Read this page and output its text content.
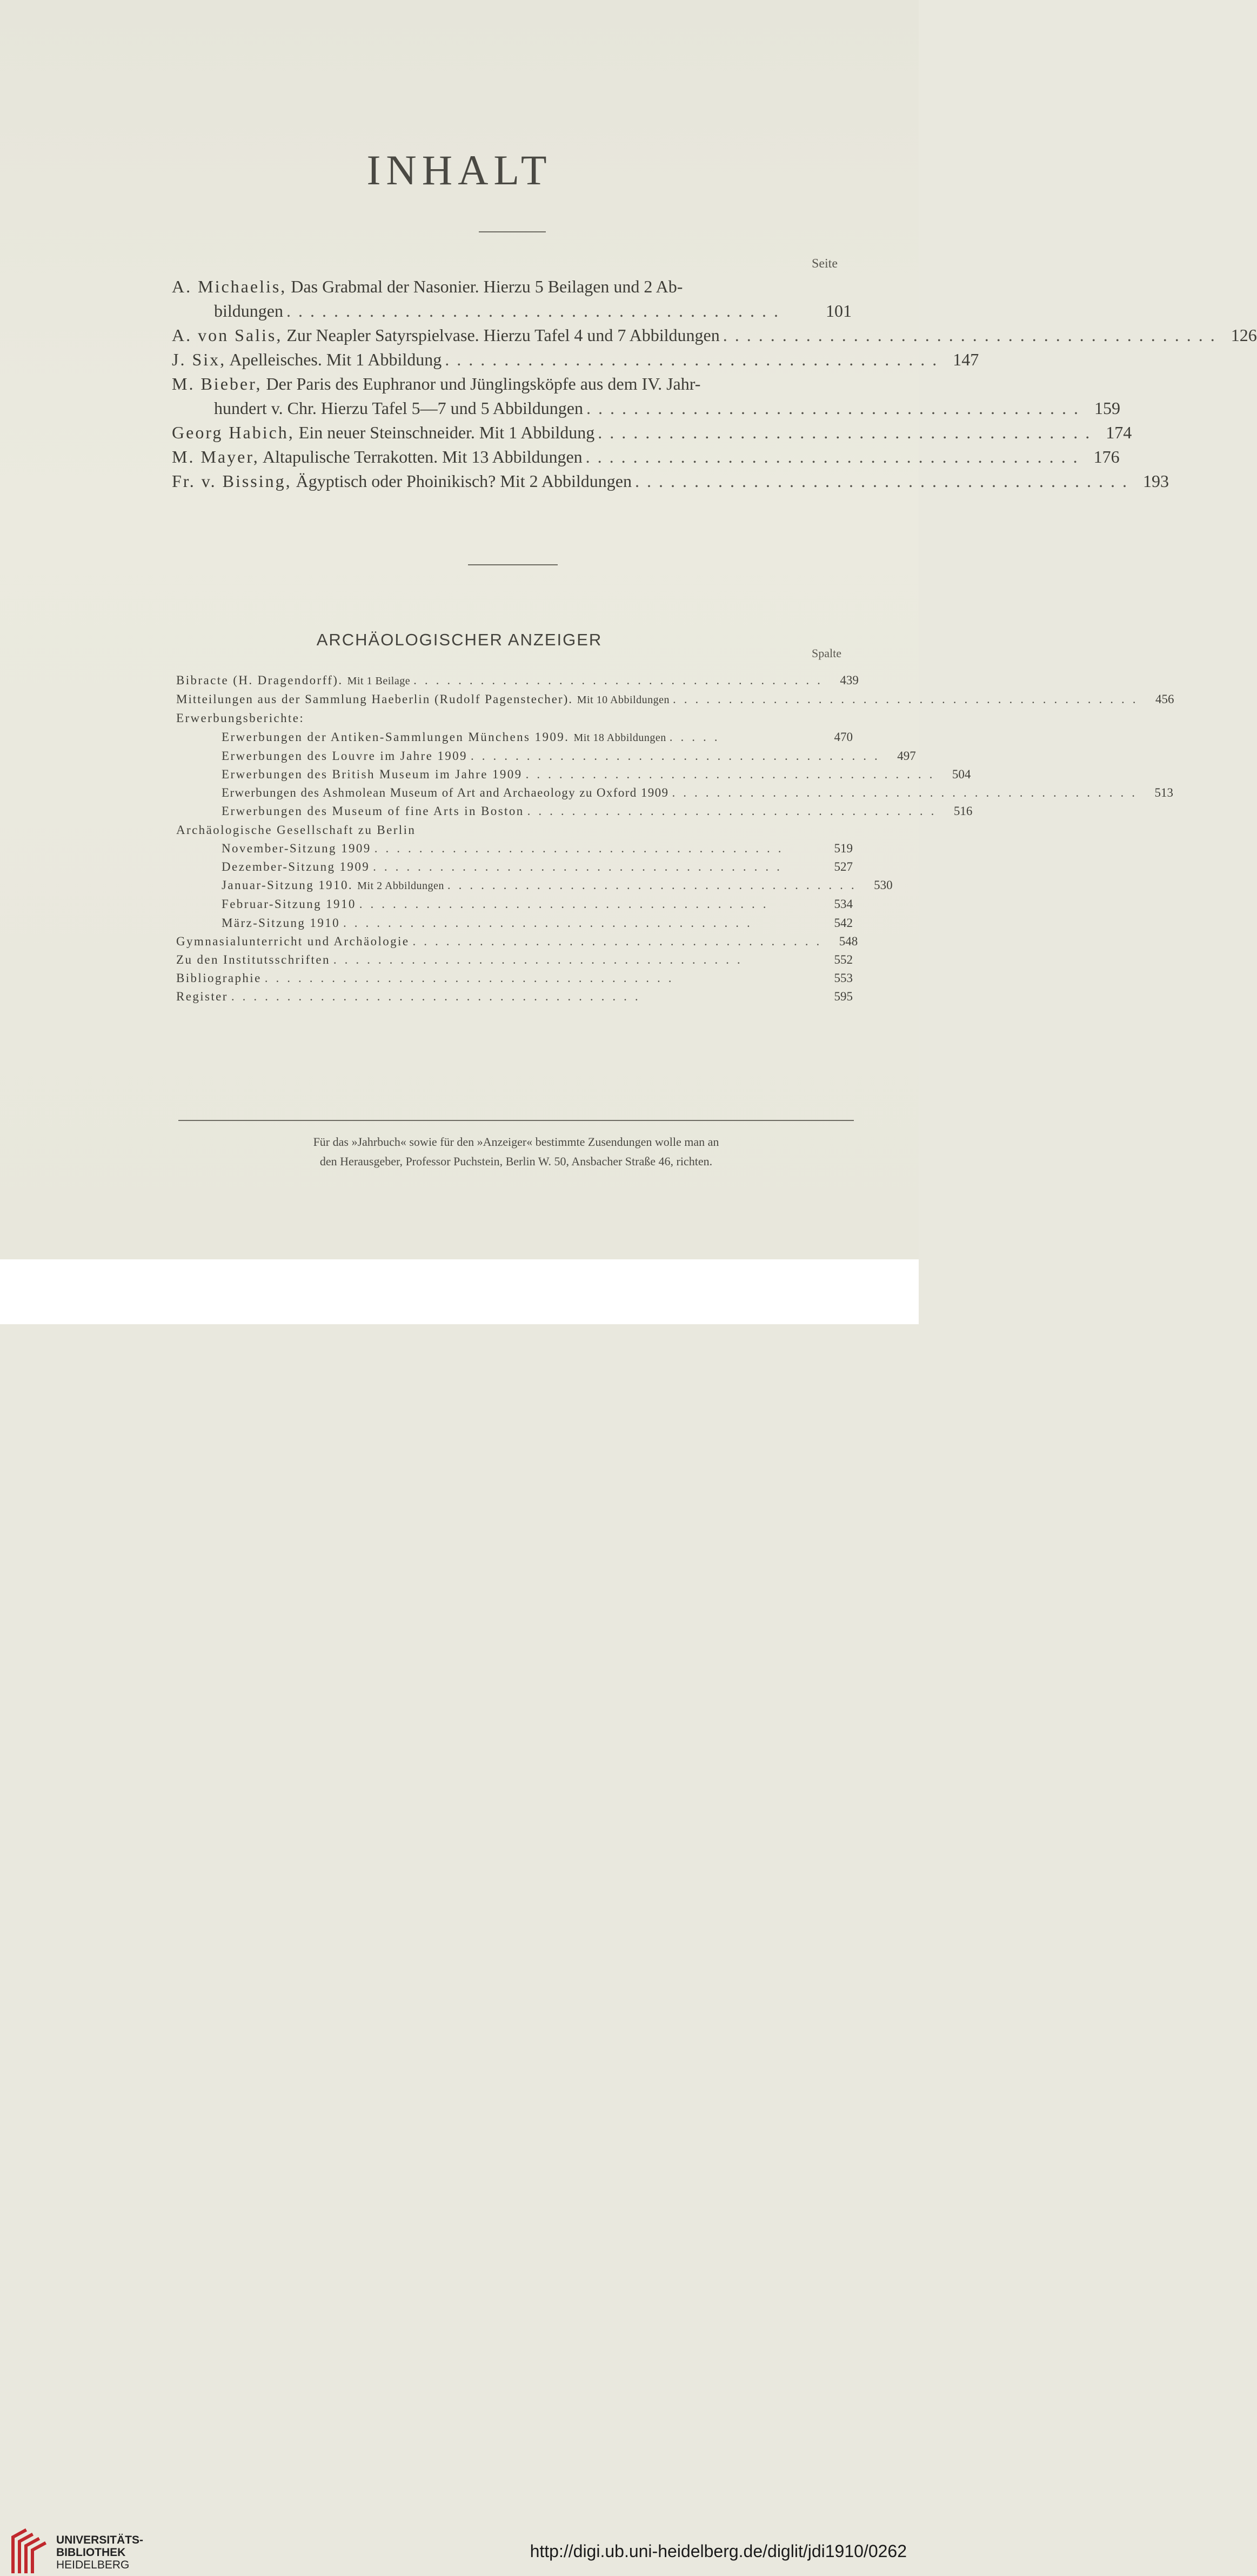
INHALT
Seite
A. Michaelis, Das Grabmal der Nasonier. Hierzu 5 Beilagen und 2 Ab-
bildungen ..........................................	101
A. von Salis, Zur Neapler Satyrspielvase. Hierzu Tafel 4 und 7 Abbildungen .......................................... 126
J. Six, Apelleisches. Mit 1 Abbildung .......................................... 147
M. Bieber, Der Paris des Euphranor und Jünglingsköpfe aus dem IV. Jahr-
hundert v. Chr. Hierzu Tafel 5—7 und 5 Abbildungen .......................................... 159
Georg Habich, Ein neuer Steinschneider. Mit 1 Abbildung .......................................... 174
M. Mayer, Altapulische Terrakotten. Mit 13 Abbildungen .......................................... 176
Fr. v. Bissing, Ägyptisch oder Phoinikisch? Mit 2 Abbildungen .......................................... 193
ARCHÄOLOGISCHER ANZEIGER
Spalte
Bibracte (H. Dragendorff). Mit 1 Beilage ..................................... 439
Mitteilungen aus der Sammlung Haeberlin (Rudolf Pagenstecher). Mit 10 Abbildungen .......................................... 456
Erwerbungsberichte:
Erwerbungen der Antiken-Sammlungen Münchens 1909. Mit 18 Abbildungen .....	470
Erwerbungen des Louvre im Jahre 1909 ..................................... 497
Erwerbungen des British Museum im Jahre 1909 ..................................... 504
Erwerbungen des Ashmolean Museum of Art and Archaeology zu Oxford 1909 .......................................... 513
Erwerbungen des Museum of fine Arts in Boston ..................................... 516
Archäologische Gesellschaft zu Berlin
November-Sitzung 1909 .....................................	519
Dezember-Sitzung 1909 .....................................	527
Januar-Sitzung 1910. Mit 2 Abbildungen ..................................... 530
Februar-Sitzung 1910 .....................................	534
März-Sitzung 1910 .....................................	542
Gymnasialunterricht und Archäologie ..................................... 548
Zu den Institutsschriften .....................................	552
Bibliographie .....................................	553
Register .....................................	595
Für das »Jahrbuch« sowie für den »Anzeiger« bestimmte Zusendungen wolle man an
den Herausgeber, Professor Puchstein, Berlin W. 50, Ansbacher Straße 46, richten.
UNIVERSITÄTS-
BIBLIOTHEK
HEIDELBERG
http://digi.ub.uni-heidelberg.de/diglit/jdi1910/0262
